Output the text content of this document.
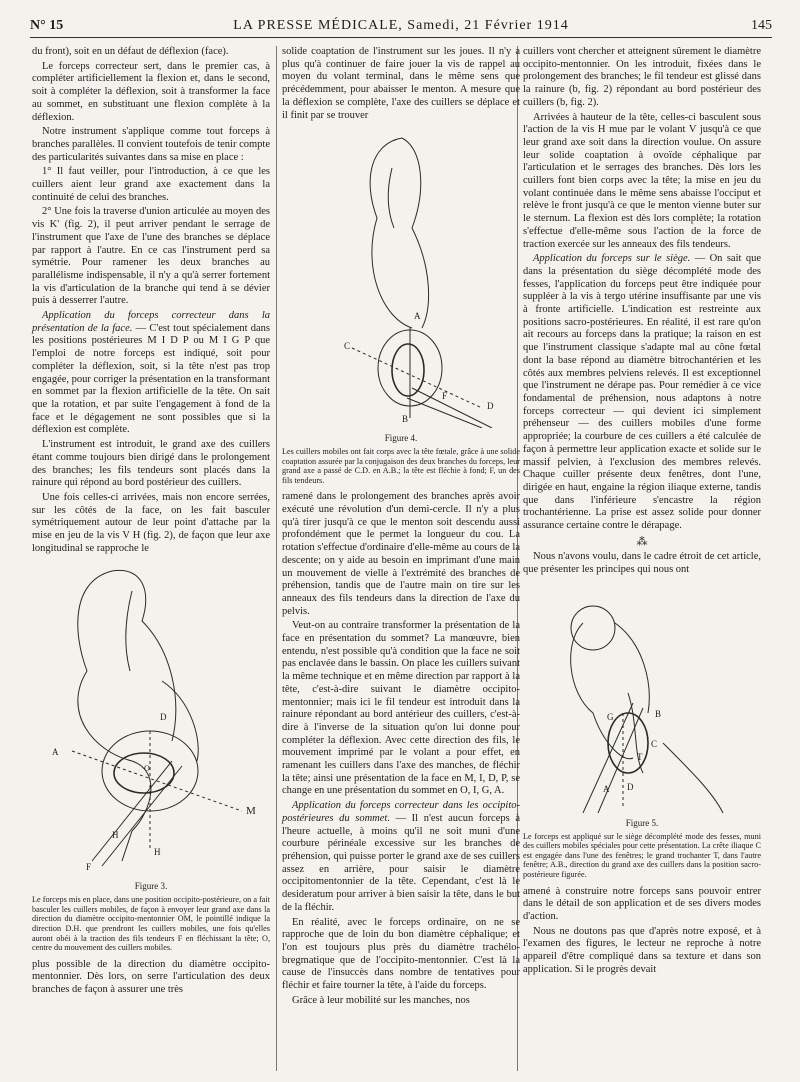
N° 15	LA PRESSE MÉDICALE, Samedi, 21 Février 1914	145

du front), soit en un défaut de déflexion (face).

Le forceps correcteur sert, dans le premier cas, à compléter artificiellement la flexion et, dans le second, soit à compléter la déflexion, soit à transformer la face au sommet, en substituant une flexion complète à la déflexion.

Notre instrument s'applique comme tout forceps à branches parallèles. Il convient toutefois de tenir compte des particularités suivantes dans sa mise en place :

1° Il faut veiller, pour l'introduction, à ce que les cuillers aient leur grand axe exactement dans la continuité de celui des branches.

2° Une fois la traverse d'union articulée au moyen des vis K' (fig. 2), il peut arriver pendant le serrage de l'instrument que l'axe de l'une des branches se déplace par rapport à l'autre. En ce cas l'instrument perd sa symétrie. Pour ramener les deux branches au parallélisme indispensable, il n'y a qu'à serrer fortement la vis d'articulation de la branche qui tend à se dévier puis à desserrer l'autre.

Application du forceps correcteur dans la présentation de la face. — C'est tout spécialement dans les positions postérieures M I D P ou M I G P que l'emploi de notre forceps est indiqué, soit pour compléter la déflexion, soit, si la tête n'est pas trop engagée, pour corriger la présentation en la transformant en sommet par la flexion artificielle de la tête. On sait que la rotation, et par suite l'engagement à fond de la face et le dégagement ne sont possibles que si la déflexion est complète.

L'instrument est introduit, le grand axe des cuillers étant comme toujours bien dirigé dans le prolongement des branches; les fils tendeurs sont placés dans la rainure qui répond au bord postérieur des cuillers.

Une fois celles-ci arrivées, mais non encore serrées, sur les côtés de la face, on les fait basculer symétriquement autour de leur point d'attache par la mise en jeu de la vis V H (fig. 2), de façon que leur axe longitudinal se rapproche le

D
A
M
O
H
H
F
Figure 3.
Le forceps mis en place, dans une position occipito-postérieure, on a fait basculer les cuillers mobiles, de façon à envoyer leur grand axe dans la direction du diamètre occipito-mentonnier OM, le pointillé indique la direction D.H. que prendront les cuillers mobiles, une fois qu'elles auront obéi à la traction des fils tendeurs F en fléchissant la tête; O, centre du mouvement des cuillers mobiles.

plus possible de la direction du diamètre occipito-mentonnier. Dès lors, on serre l'articulation des deux branches de façon à assurer une très

solide coaptation de l'instrument sur les joues. Il n'y a plus qu'à continuer de faire jouer la vis de rappel au moyen du volant terminal, dans le même sens que précédemment, pour abaisser le menton. A mesure que la déflexion se complète, l'axe des cuillers se déplace et il finit par se trouver

A
C
B
D
F
Figure 4.
Les cuillers mobiles ont fait corps avec la tête fœtale, grâce à une solide coaptation assurée par la conjugaison des deux branches du forceps, leur grand axe a passé de C.D. en A.B.; la tête est fléchie à fond; F, un des fils tendeurs.

ramené dans le prolongement des branches après avoir exécuté une révolution d'un demi-cercle. Il n'y a plus qu'à tirer jusqu'à ce que le menton soit descendu aussi profondément que le permet la longueur du cou. La rotation s'effectue d'ordinaire d'elle-même au cours de la descente; on y aide au besoin en imprimant d'une main un mouvement de vielle à l'extrémité des branches de préhension, tandis que de l'autre main on tire sur les anneaux des fils tendeurs dans la direction de l'axe du pelvis.

Veut-on au contraire transformer la présentation de la face en présentation du sommet? La manœuvre, bien entendu, n'est possible qu'à condition que la face ne soit pas enclavée dans le bassin. On place les cuillers suivant la même technique et en même direction par rapport à la tête, c'est-à-dire suivant le diamètre occipito-mentonnier; mais ici le fil tendeur est introduit dans la rainure répondant au bord antérieur des cuillers, c'est-à-dire à l'inverse de la situation qu'on lui donne pour compléter la déflexion. Avec cette direction des fils, le mouvement imprimé par le volant a pour effet, en ramenant les cuillers dans l'axe des manches, de fléchir la tête; ainsi une présentation de la face en M, I, D, P, se change en une présentation du sommet en O, I, G, A.

Application du forceps correcteur dans les occipito-postérieures du sommet. — Il n'est aucun forceps à l'heure actuelle, à moins qu'il ne soit muni d'une courbure périnéale excessive sur les branches de préhension, qui puisse porter le grand axe de ses cuillers assez en arrière, pour saisir le diamètre occipitomentonnier de la tête. Cependant, c'est là le desideratum pour arriver à bien saisir la tête, dans le but de la fléchir.

En réalité, avec le forceps ordinaire, on ne se rapproche que de loin du bon diamètre céphalique; et l'on est toujours plus près du diamètre trachélo-bregmatique que de l'occipito-mentonnier. C'est là la cause de l'insuccès dans nombre de tentatives pour fléchir et faire tourner la tête, à l'aide du forceps.

Grâce à leur mobilité sur les manches, nos

cuillers vont chercher et atteignent sûrement le diamètre occipito-mentonnier. On les introduit, fixées dans le prolongement des branches; le fil tendeur est glissé dans la rainure (b, fig. 2) répondant au bord postérieur des cuillers (b, fig. 2).

Arrivées à hauteur de la tête, celles-ci basculent sous l'action de la vis H mue par le volant V jusqu'à ce que leur grand axe soit dans la direction voulue. On assure leur solide coaptation à ovoïde céphalique par l'articulation et le serrages des branches. Dès lors les cuillers font bien corps avec la tête; la mise en jeu du volant continuée dans le même sens abaisse l'occiput et relève le front jusqu'à ce que le menton vienne buter sur le sternum. La flexion est dès lors complète; la rotation s'effectue d'elle-même sous l'action de la force de traction exercée sur les anneaux des fils tendeurs.

Application du forceps sur le siège. — On sait que dans la présentation du siège décomplété mode des fesses, l'application du forceps peut être indiquée pour suppléer à la vis à tergo utérine insuffisante par une vis à fronte artificielle. L'indication est restreinte aux positions sacro-postérieures. En réalité, il est rare qu'on ait recours au forceps dans la pratique; la raison en est que l'instrument classique s'adapte mal au cône fœtal dont la base répond au diamètre bitrochantérien et les côtés aux membres pelviens relevés. Il est exceptionnel que l'instrument ne dérape pas. Pour remédier à ce vice fondamental de préhension, nous adaptons à notre forceps correcteur — qui devient ici simplement préhenseur — des cuillers mobiles d'une forme appropriée; la courbure de ces cuillers a été calculée de façon à permettre leur application exacte et solide sur le massif pelvien, à l'exclusion des membres relevés. Chaque cuiller présente deux fenêtres, dont l'une, dirigée en haut, engaine la région iliaque externe, tandis que dans l'inférieure s'encastre la région trochantérienne. La prise est assez solide pour donner assurance certaine contre le dérapage.

⁂

Nous n'avons voulu, dans le cadre étroit de cet article, que présenter les principes qui nous ont

G	B
C
T
A D
Figure 5.
Le forceps est appliqué sur le siège décomplété mode des fesses, muni des cuillers mobiles spéciales pour cette présentation. La crête iliaque C est engagée dans l'une des fenêtres; le grand trochanter T, dans l'autre fenêtre; A.B., direction du grand axe des cuillers dans la position sacro-postérieure figurée.

amené à construire notre forceps sans pouvoir entrer dans le détail de son application et de ses divers modes d'action.

Nous ne doutons pas que d'après notre exposé, et à l'examen des figures, le lecteur ne reproche à notre appareil d'être compliqué dans sa texture et dans son application. Si le progrès devait
